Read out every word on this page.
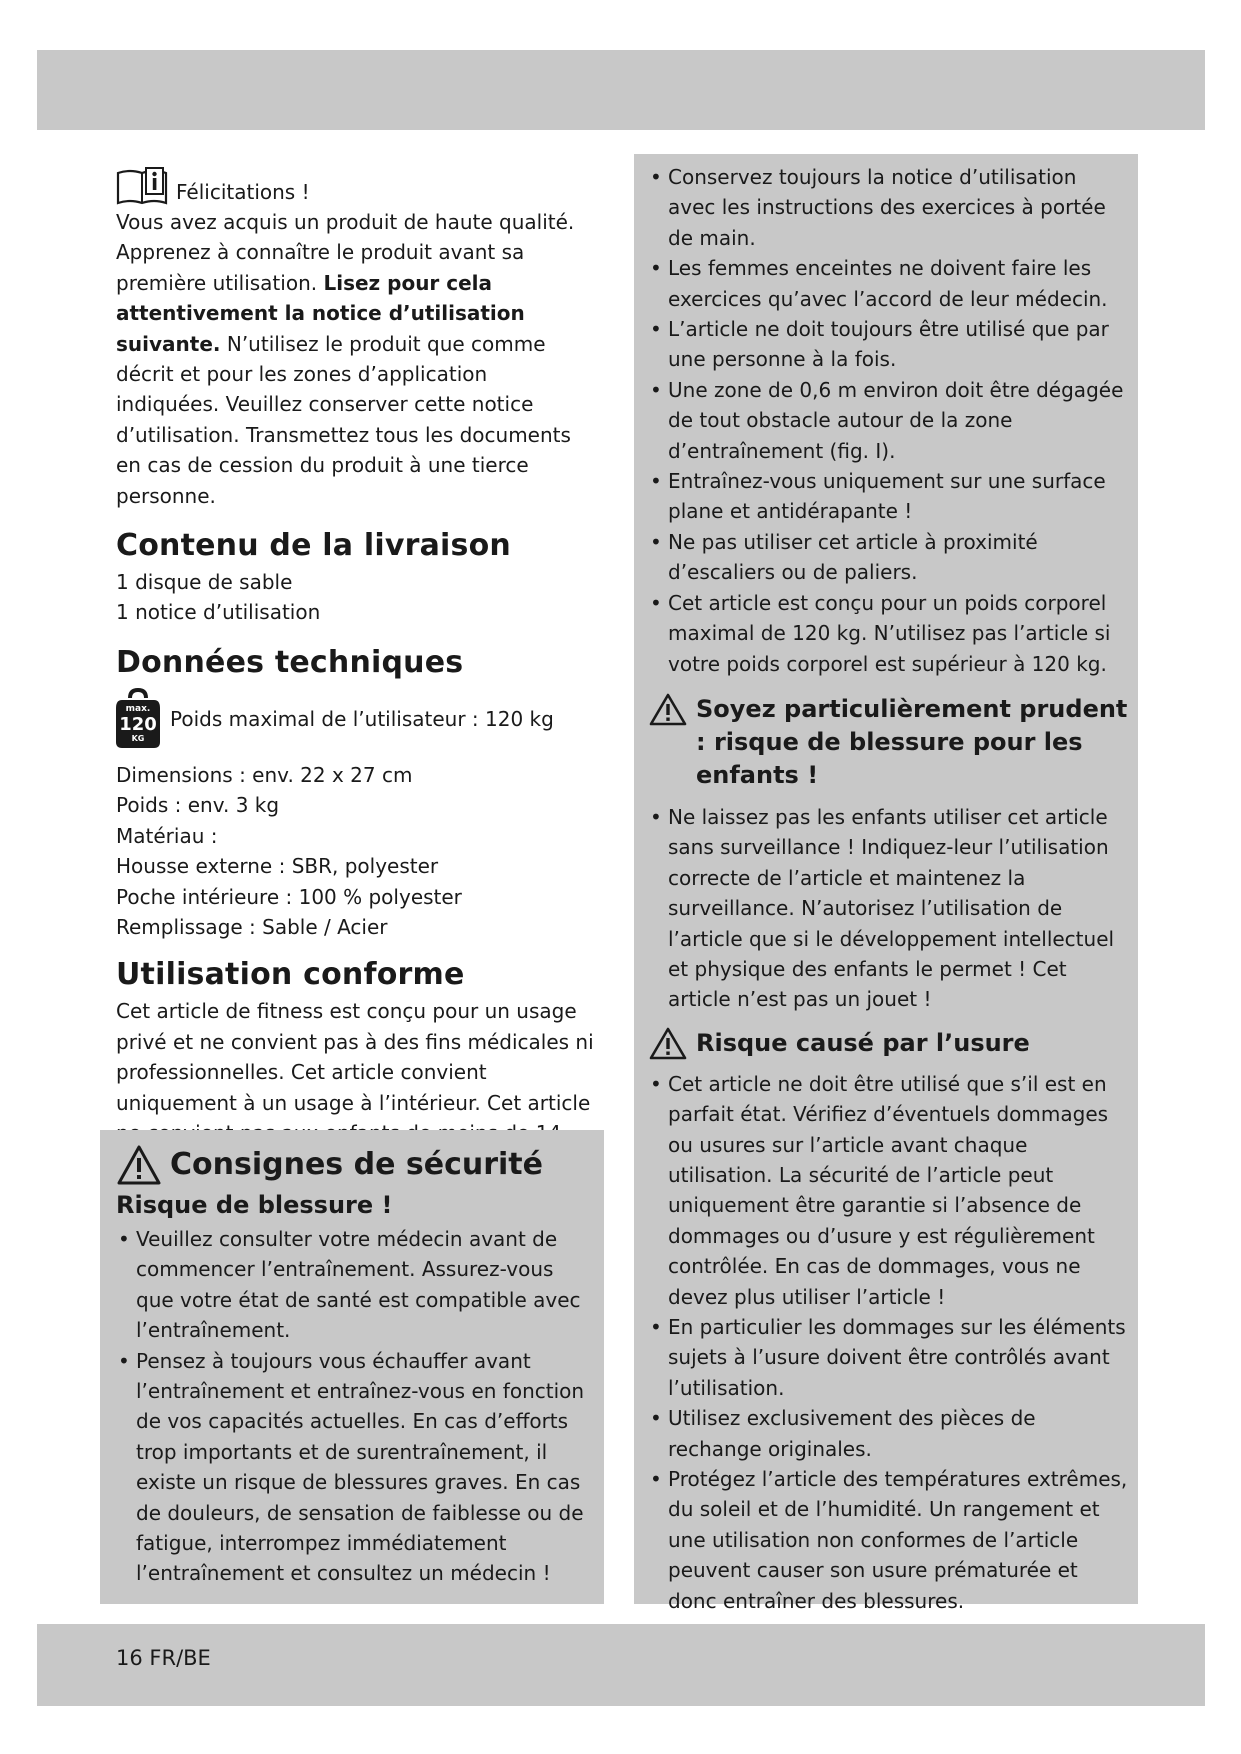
16 FR/BE
Félicitations !

Vous avez acquis un produit de haute qualité. Apprenez à connaître le produit avant sa première utilisation. Lisez pour cela attentivement la notice d’utilisation suivante. N’utilisez le produit que comme décrit et pour les zones d’application indiquées. Veuillez conserver cette notice d’utilisation. Transmettez tous les documents en cas de cession du produit à une tierce personne.

Contenu de la livraison
1 disque de sable
1 notice d’utilisation
Données techniques
max.
120
KG
Poids maximal de l’utilisateur : 120 kg
Dimensions : env. 22 x 27 cm
Poids : env. 3 kg
Matériau :
Housse externe : SBR, polyester
Poche intérieure : 100 % polyester
Remplissage : Sable / Acier
Utilisation conforme

Cet article de fitness est conçu pour un usage privé et ne convient pas à des fins médicales ni professionnelles. Cet article convient uniquement à un usage à l’intérieur. Cet article

Consignes de sécurité
Risque de blessure !
• Veuillez consulter votre médecin avant de commencer l’entraînement. Assurez-vous que votre état de santé est compatible avec l’entraînement.
• Pensez à toujours vous échauffer avant l’entraînement et entraînez-vous en fonction de vos capacités actuelles. En cas d’efforts trop importants et de surentraînement, il existe un risque de blessures graves. En cas de douleurs, de sensation de faiblesse ou de fatigue, interrompez immédiatement l’entraînement et consultez un médecin !
• Conservez toujours la notice d’utilisation avec les instructions des exercices à portée de main.
• Les femmes enceintes ne doivent faire les exercices qu’avec l’accord de leur médecin.
• L’article ne doit toujours être utilisé que par une personne à la fois.
• Une zone de 0,6 m environ doit être dégagée de tout obstacle autour de la zone d’entraînement (fig. I).
• Entraînez-vous uniquement sur une surface plane et antidérapante !
• Ne pas utiliser cet article à proximité d’escaliers ou de paliers.
• Cet article est conçu pour un poids corporel maximal de 120 kg. N’utilisez pas l’article si votre poids corporel est supérieur à 120 kg.
Soyez particulièrement prudent : risque de blessure pour les enfants !
• Ne laissez pas les enfants utiliser cet article sans surveillance ! Indiquez-leur l’utilisation correcte de l’article et maintenez la surveillance. N’autorisez l’utilisation de l’article que si le développement intellectuel et physique des enfants le permet ! Cet article n’est pas un jouet !
Risque causé par l’usure
• Cet article ne doit être utilisé que s’il est en parfait état. Vérifiez d’éventuels dommages ou usures sur l’article avant chaque utilisation. La sécurité de l’article peut uniquement être garantie si l’absence de dommages ou d’usure y est régulièrement contrôlée. En cas de dommages, vous ne devez plus utiliser l’article !
• En particulier les dommages sur les éléments sujets à l’usure doivent être contrôlés avant l’utilisation.
• Utilisez exclusivement des pièces de rechange originales.
• Protégez l’article des températures extrêmes, du soleil et de l’humidité. Un rangement et une utilisation non conformes de l’article peuvent causer son usure prématurée et donc entraîner des blessures.
